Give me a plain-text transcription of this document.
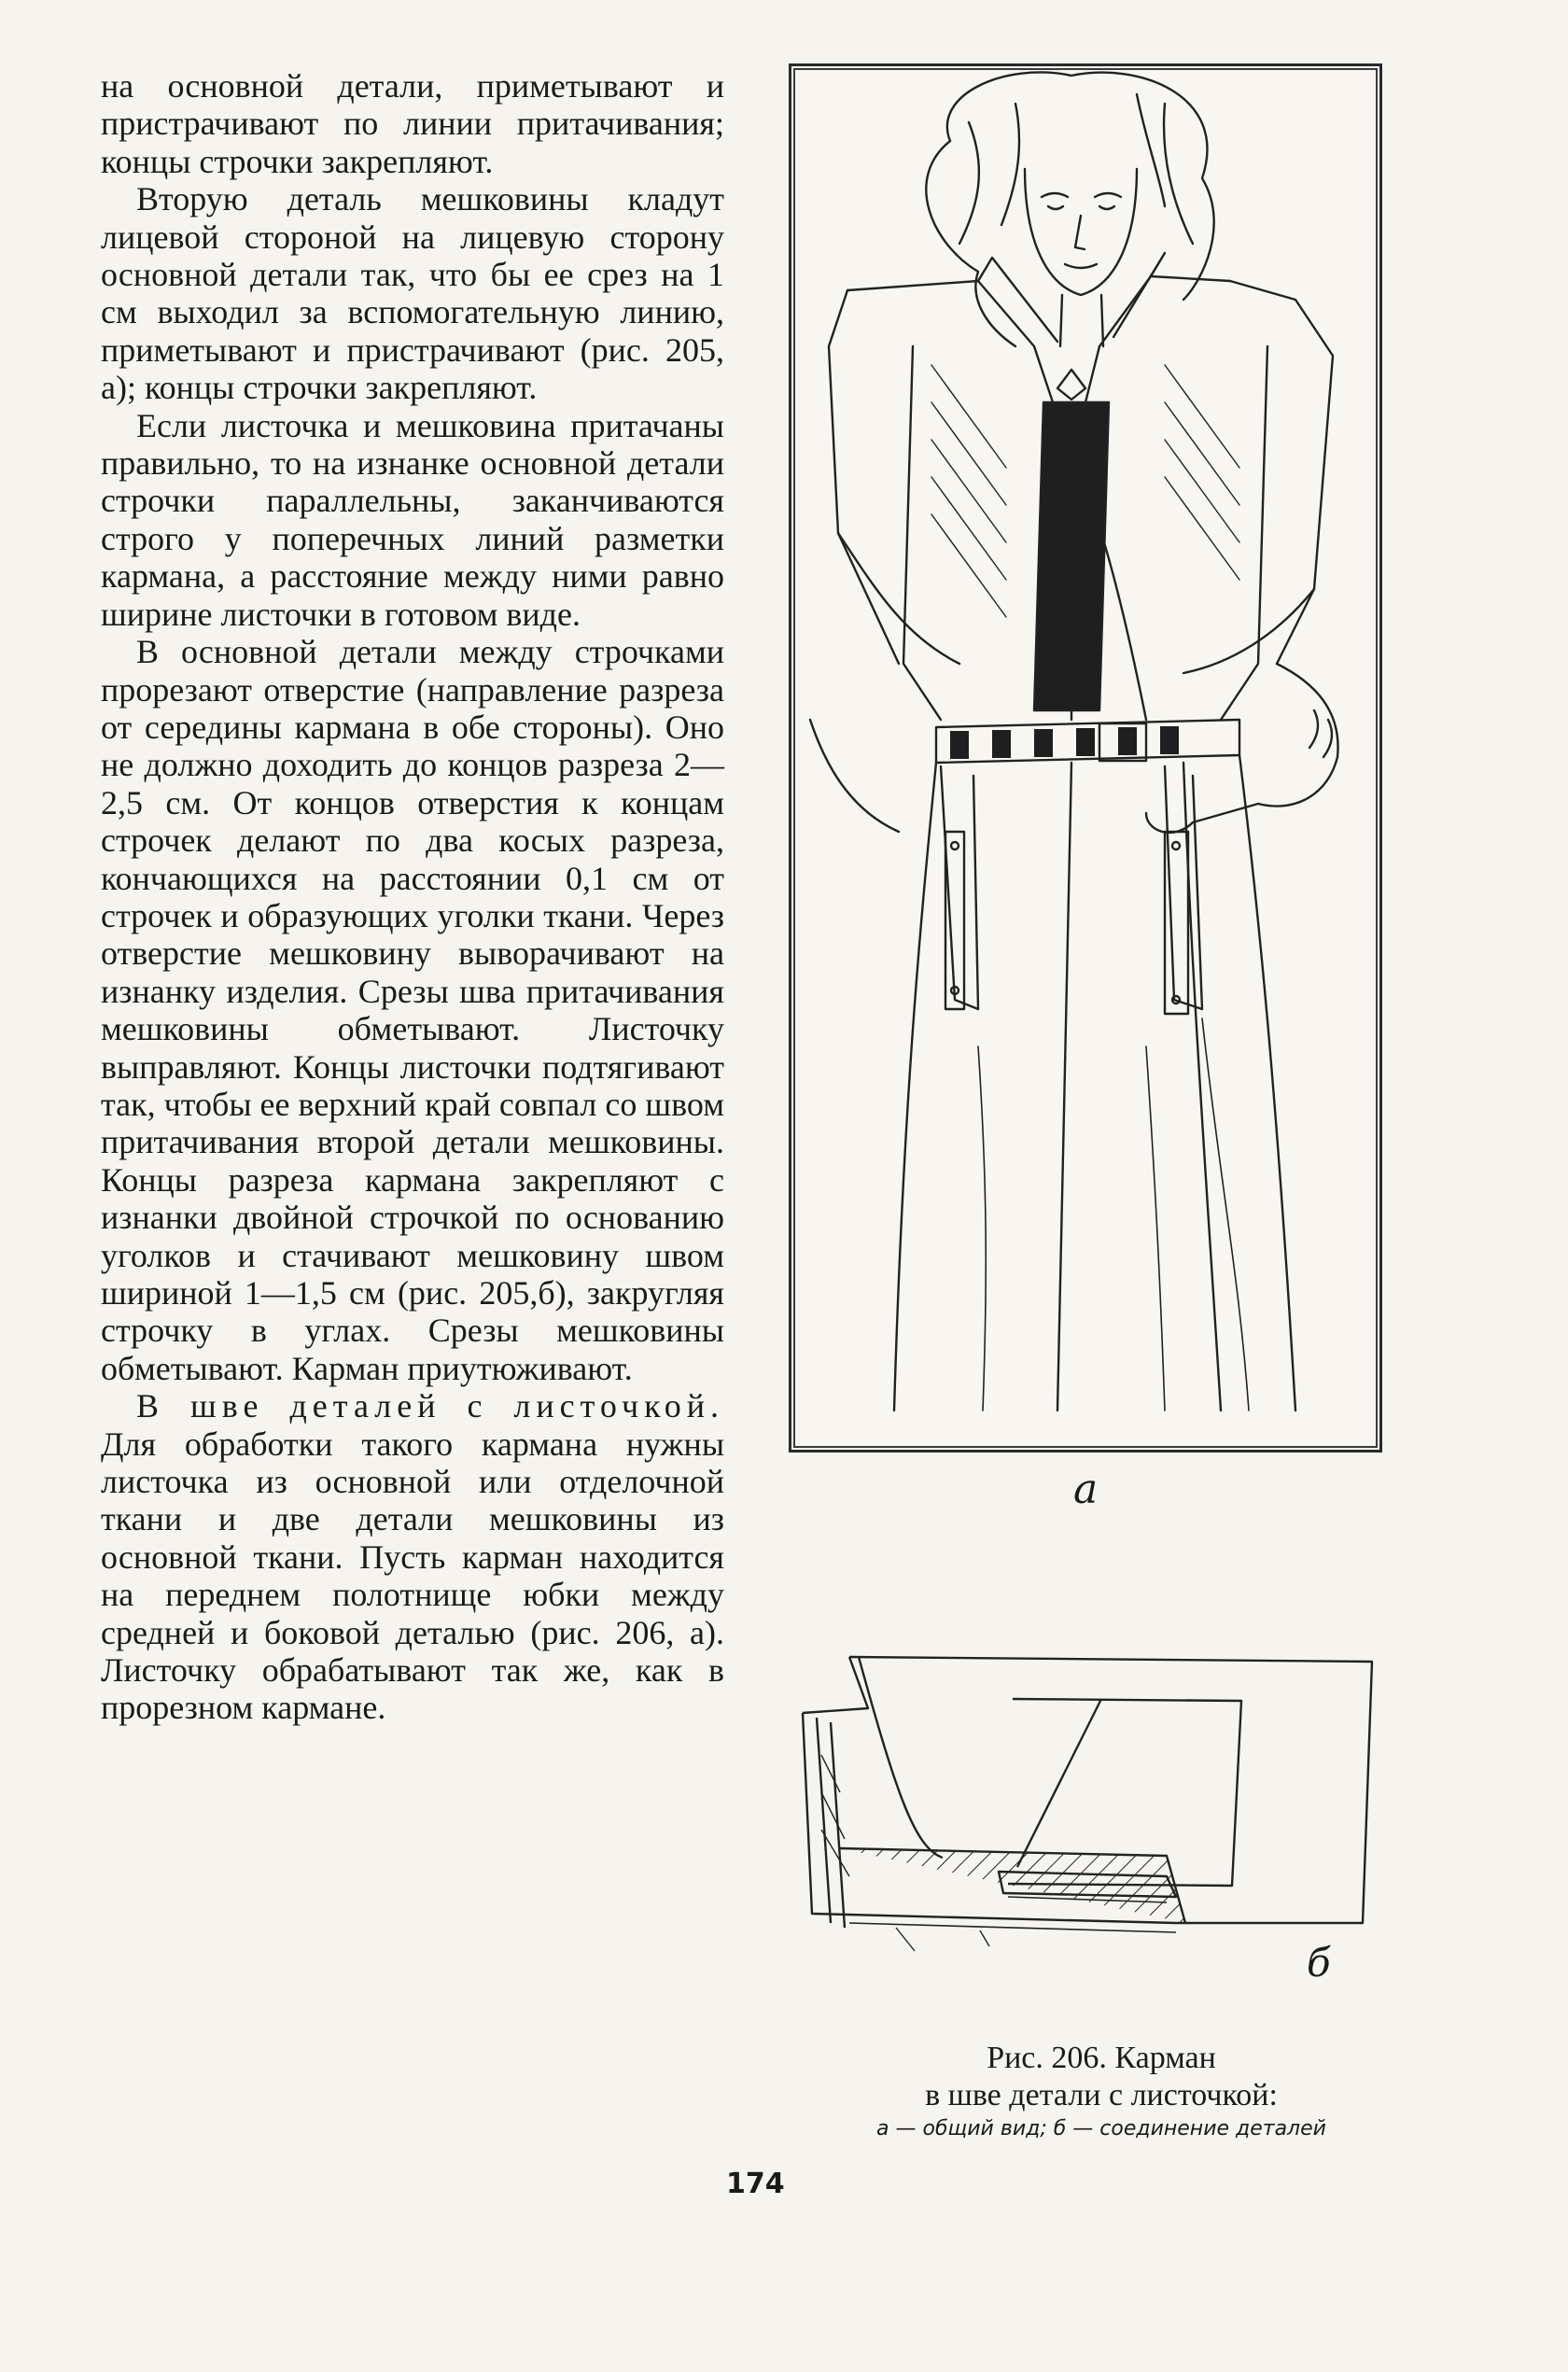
на основной детали, приметывают и пристрачивают по линии притачивания; концы строчки закрепляют.

Вторую деталь мешковины кладут лицевой стороной на лицевую сторону основной детали так, что бы ее срез на 1 см выходил за вспомогательную линию, приметывают и пристрачивают (рис. 205, а); концы строчки закрепляют.

Если листочка и мешковина притачаны правильно, то на изнанке основной детали строчки параллельны, заканчиваются строго у поперечных линий разметки кармана, а расстояние между ними равно ширине листочки в готовом виде.

В основной детали между строчками прорезают отверстие (направление разреза от середины кармана в обе стороны). Оно не должно доходить до концов разреза 2—2,5 см. От концов отверстия к концам строчек делают по два косых разреза, кончающихся на расстоянии 0,1 см от строчек и образующих уголки ткани. Через отверстие мешковину выворачивают на изнанку изделия. Срезы шва притачивания мешковины обметывают. Листочку выправляют. Концы листочки подтягивают так, чтобы ее верхний край совпал со швом притачивания второй детали мешковины. Концы разреза кармана закрепляют с изнанки двойной строчкой по основанию уголков и стачивают мешковину швом шириной 1—1,5 см (рис. 205,б), закругляя строчку в углах. Срезы мешковины обметывают. Карман приутюживают.

В шве деталей с листочкой. Для обработки такого кармана нужны листочка из основной или отделочной ткани и две детали мешковины из основной ткани. Пусть карман находится на переднем полотнище юбки между средней и боковой деталью (рис. 206, а). Листочку обрабатывают так же, как в прорезном кармане.

а
б
Рис. 206. Карман
в шве детали с листочкой:
а — общий вид; б — соединение деталей
174
